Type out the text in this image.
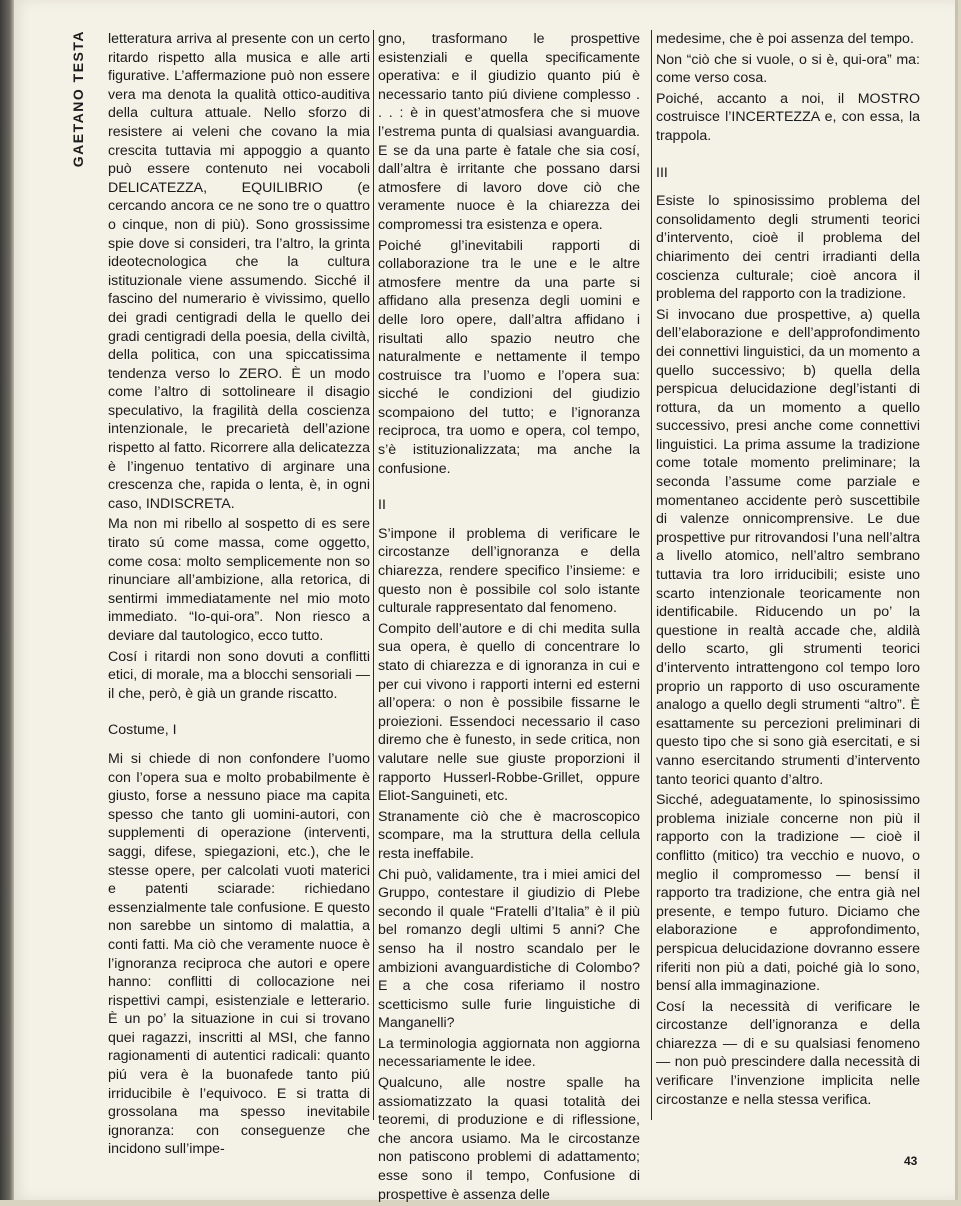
GAETANO TESTA letteratura arriva al presente con un certo ritardo rispetto alla musica e alle arti figurative. L’affermazione può non essere vera ma denota la qualità ottico-auditiva della cultura attuale. Nello sforzo di resistere ai veleni che covano la mia crescita tuttavia mi appoggio a quanto può essere contenuto nei vocaboli DELICATEZZA, EQUILIBRIO (e cercando ancora ce ne sono tre o quattro o cinque, non di più). Sono grossissime spie dove si consideri, tra l’altro, la grinta ideotecnologica che la cultura istituzionale viene assumendo. Sicché il fascino del numerario è vivissimo, quello dei gradi centigradi della le quello dei gradi centigradi della poesia, della civiltà, della politica, con una spiccatissima tendenza verso lo ZERO. È un modo come l’altro di sottolineare il disagio speculativo, la fragilità della coscienza intenzionale, le precarietà dell’azione rispetto al fatto. Ricorrere alla delicatezza è l’ingenuo tentativo di arginare una crescenza che, rapida o lenta, è, in ogni caso, INDISCRETA.

Ma non mi ribello al sospetto di es sere tirato sú come massa, come oggetto, come cosa: molto semplicemente non so rinunciare all’ambizione, alla retorica, di sentirmi immediatamente nel mio moto immediato. “Io-qui-ora”. Non riesco a deviare dal tautologico, ecco tutto.

Cosí i ritardi non sono dovuti a conflitti etici, di morale, ma a blocchi sensoriali — il che, però, è già un grande riscatto.

Costume, I

Mi si chiede di non confondere l’uomo con l’opera sua e molto probabilmente è giusto, forse a nessuno piace ma capita spesso che tanto gli uomini-autori, con supplementi di operazione (interventi, saggi, difese, spiegazioni, etc.), che le stesse opere, per calcolati vuoti materici e patenti sciarade: richiedano essenzialmente tale confusione. E questo non sarebbe un sintomo di malattia, a conti fatti. Ma ciò che veramente nuoce è l’ignoranza reciproca che autori e opere hanno: conflitti di collocazione nei rispettivi campi, esistenziale e letterario. È un po’ la situazione in cui si trovano quei ragazzi, inscritti al MSI, che fanno ragionamenti di autentici radicali: quanto piú vera è la buonafede tanto piú irriducibile è l’equivoco. E si tratta di grossolana ma spesso inevitabile ignoranza: con conseguenze che incidono sull’impe-

gno, trasformano le prospettive esistenziali e quella specificamente operativa: e il giudizio quanto piú è necessario tanto piú diviene complesso . . . : è in quest’atmosfera che si muove l’estrema punta di qualsiasi avanguardia. E se da una parte è fatale che sia cosí, dall’altra è irritante che possano darsi atmosfere di lavoro dove ciò che veramente nuoce è la chiarezza dei compromessi tra esistenza e opera.

Poiché gl’inevitabili rapporti di collaborazione tra le une e le altre atmosfere mentre da una parte si affidano alla presenza degli uomini e delle loro opere, dall’altra affidano i risultati allo spazio neutro che naturalmente e nettamente il tempo costruisce tra l’uomo e l’opera sua: sicché le condizioni del giudizio scompaiono del tutto; e l’ignoranza reciproca, tra uomo e opera, col tempo, s’è istituzionalizzata; ma anche la confusione.

II

S’impone il problema di verificare le circostanze dell’ignoranza e della chiarezza, rendere specifico l’insieme: e questo non è possibile col solo istante culturale rappresentato dal fenomeno.

Compito dell’autore e di chi medita sulla sua opera, è quello di concentrare lo stato di chiarezza e di ignoranza in cui e per cui vivono i rapporti interni ed esterni all’opera: o non è possibile fissarne le proiezioni. Essendoci necessario il caso diremo che è funesto, in sede critica, non valutare nelle sue giuste proporzioni il rapporto Husserl-Robbe-Grillet, oppure Eliot-Sanguineti, etc.

Stranamente ciò che è macroscopico scompare, ma la struttura della cellula resta ineffabile.

Chi può, validamente, tra i miei amici del Gruppo, contestare il giudizio di Plebe secondo il quale “Fratelli d’Italia” è il più bel romanzo degli ultimi 5 anni? Che senso ha il nostro scandalo per le ambizioni avanguardistiche di Colombo? E a che cosa riferiamo il nostro scetticismo sulle furie linguistiche di Manganelli?

La terminologia aggiornata non aggiorna necessariamente le idee.

Qualcuno, alle nostre spalle ha assiomatizzato la quasi totalità dei teoremi, di produzione e di riflessione, che ancora usiamo. Ma le circostanze non patiscono problemi di adattamento; esse sono il tempo, Confusione di prospettive è assenza delle

medesime, che è poi assenza del tempo.

Non “ciò che si vuole, o si è, qui-ora” ma: come verso cosa.

Poiché, accanto a noi, il MOSTRO costruisce l’INCERTEZZA e, con essa, la trappola.

III

Esiste lo spinosissimo problema del consolidamento degli strumenti teorici d’intervento, cioè il problema del chiarimento dei centri irradianti della coscienza culturale; cioè ancora il problema del rapporto con la tradizione.

Si invocano due prospettive, a) quella dell’elaborazione e dell’approfondimento dei connettivi linguistici, da un momento a quello successivo; b) quella della perspicua delucidazione degl’istanti di rottura, da un momento a quello successivo, presi anche come connettivi linguistici. La prima assume la tradizione come totale momento preliminare; la seconda l’assume come parziale e momentaneo accidente però suscettibile di valenze onnicomprensive. Le due prospettive pur ritrovandosi l’una nell’altra a livello atomico, nell’altro sembrano tuttavia tra loro irriducibili; esiste uno scarto intenzionale teoricamente non identificabile. Riducendo un po’ la questione in realtà accade che, aldilà dello scarto, gli strumenti teorici d’intervento intrattengono col tempo loro proprio un rapporto di uso oscuramente analogo a quello degli strumenti “altro”. È esattamente su percezioni preliminari di questo tipo che si sono già esercitati, e si vanno esercitando strumenti d’intervento tanto teorici quanto d’altro.

Sicché, adeguatamente, lo spinosissimo problema iniziale concerne non più il rapporto con la tradizione — cioè il conflitto (mitico) tra vecchio e nuovo, o meglio il compromesso — bensí il rapporto tra tradizione, che entra già nel presente, e tempo futuro. Diciamo che elaborazione e approfondimento, perspicua delucidazione dovranno essere riferiti non più a dati, poiché già lo sono, bensí alla immaginazione.

Cosí la necessità di verificare le circostanze dell’ignoranza e della chiarezza — di e su qualsiasi fenomeno — non può prescindere dalla necessità di verificare l’invenzione implicita nelle circostanze e nella stessa verifica.

43
